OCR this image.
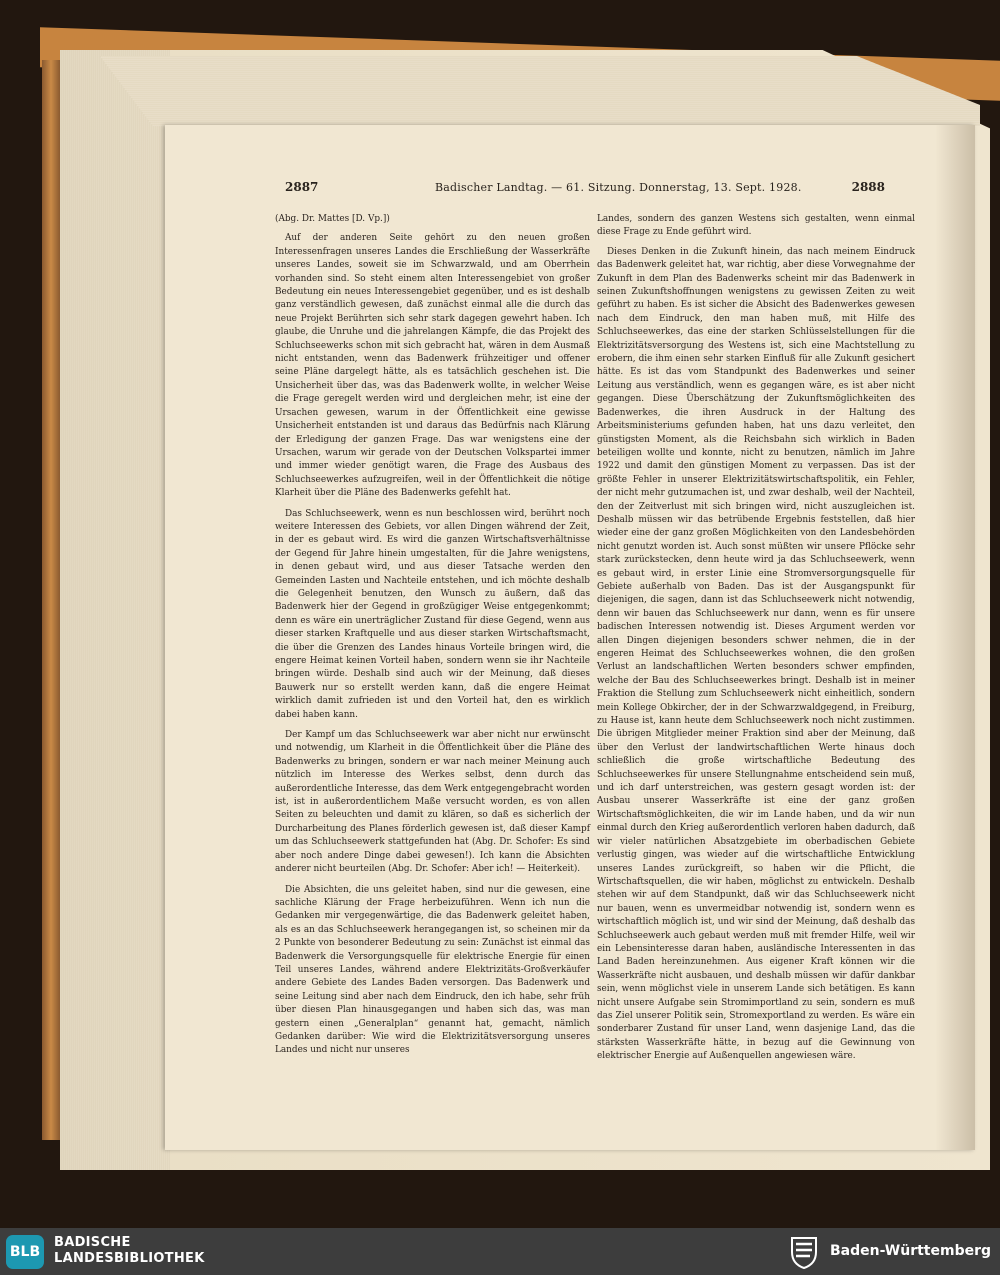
2887	Badischer Landtag. — 61. Sitzung. Donnerstag, 13. Sept. 1928.	2888

(Abg. Dr. Mattes [D. Vp.])

Auf der anderen Seite gehört zu den neuen großen Interessenfragen unseres Landes die Erschließung der Wasserkräfte unseres Landes, soweit sie im Schwarzwald, und am Oberrhein vorhanden sind. So steht einem alten Interessengebiet von großer Bedeutung ein neues Interessengebiet gegenüber, und es ist deshalb ganz verständlich gewesen, daß zunächst einmal alle die durch das neue Projekt Berührten sich sehr stark dagegen gewehrt haben. Ich glaube, die Unruhe und die jahrelangen Kämpfe, die das Projekt des Schluchseewerks schon mit sich gebracht hat, wären in dem Ausmaß nicht entstanden, wenn das Badenwerk frühzeitiger und offener seine Pläne dargelegt hätte, als es tatsächlich geschehen ist. Die Unsicherheit über das, was das Badenwerk wollte, in welcher Weise die Frage geregelt werden wird und dergleichen mehr, ist eine der Ursachen gewesen, warum in der Öffentlichkeit eine gewisse Unsicherheit entstanden ist und daraus das Bedürfnis nach Klärung der Erledigung der ganzen Frage. Das war wenigstens eine der Ursachen, warum wir gerade von der Deutschen Volkspartei immer und immer wieder genötigt waren, die Frage des Ausbaus des Schluchseewerkes aufzugreifen, weil in der Öffentlichkeit die nötige Klarheit über die Pläne des Badenwerks gefehlt hat.

Das Schluchseewerk, wenn es nun beschlossen wird, berührt noch weitere Interessen des Gebiets, vor allen Dingen während der Zeit, in der es gebaut wird. Es wird die ganzen Wirtschaftsverhältnisse der Gegend für Jahre hinein umgestalten, für die Jahre wenigstens, in denen gebaut wird, und aus dieser Tatsache werden den Gemeinden Lasten und Nachteile entstehen, und ich möchte deshalb die Gelegenheit benutzen, den Wunsch zu äußern, daß das Badenwerk hier der Gegend in großzügiger Weise entgegenkommt; denn es wäre ein unerträglicher Zustand für diese Gegend, wenn aus dieser starken Kraftquelle und aus dieser starken Wirtschaftsmacht, die über die Grenzen des Landes hinaus Vorteile bringen wird, die engere Heimat keinen Vorteil haben, sondern wenn sie ihr Nachteile bringen würde. Deshalb sind auch wir der Meinung, daß dieses Bauwerk nur so erstellt werden kann, daß die engere Heimat wirklich damit zufrieden ist und den Vorteil hat, den es wirklich dabei haben kann.

Der Kampf um das Schluchseewerk war aber nicht nur erwünscht und notwendig, um Klarheit in die Öffentlichkeit über die Pläne des Badenwerks zu bringen, sondern er war nach meiner Meinung auch nützlich im Interesse des Werkes selbst, denn durch das außerordentliche Interesse, das dem Werk entgegengebracht worden ist, ist in außerordentlichem Maße versucht worden, es von allen Seiten zu beleuchten und damit zu klären, so daß es sicherlich der Durcharbeitung des Planes förderlich gewesen ist, daß dieser Kampf um das Schluchseewerk stattgefunden hat (Abg. Dr. Schofer: Es sind aber noch andere Dinge dabei gewesen!). Ich kann die Absichten anderer nicht beurteilen (Abg. Dr. Schofer: Aber ich! — Heiterkeit).

Die Absichten, die uns geleitet haben, sind nur die gewesen, eine sachliche Klärung der Frage herbeizuführen. Wenn ich nun die Gedanken mir vergegenwärtige, die das Badenwerk geleitet haben, als es an das Schluchseewerk herangegangen ist, so scheinen mir da 2 Punkte von besonderer Bedeutung zu sein: Zunächst ist einmal das Badenwerk die Versorgungsquelle für elektrische Energie für einen Teil unseres Landes, während andere Elektrizitäts-Großverkäufer andere Gebiete des Landes Baden versorgen. Das Badenwerk und seine Leitung sind aber nach dem Eindruck, den ich habe, sehr früh über diesen Plan hinausgegangen und haben sich das, was man gestern einen „Generalplan“ genannt hat, gemacht, nämlich Gedanken darüber: Wie wird die Elektrizitätsversorgung unseres Landes und nicht nur unseres

Landes, sondern des ganzen Westens sich gestalten, wenn einmal diese Frage zu Ende geführt wird.

Dieses Denken in die Zukunft hinein, das nach meinem Eindruck das Badenwerk geleitet hat, war richtig, aber diese Vorwegnahme der Zukunft in dem Plan des Badenwerks scheint mir das Badenwerk in seinen Zukunftshoffnungen wenigstens zu gewissen Zeiten zu weit geführt zu haben. Es ist sicher die Absicht des Badenwerkes gewesen nach dem Eindruck, den man haben muß, mit Hilfe des Schluchseewerkes, das eine der starken Schlüsselstellungen für die Elektrizitätsversorgung des Westens ist, sich eine Machtstellung zu erobern, die ihm einen sehr starken Einfluß für alle Zukunft gesichert hätte. Es ist das vom Standpunkt des Badenwerkes und seiner Leitung aus verständlich, wenn es gegangen wäre, es ist aber nicht gegangen. Diese Überschätzung der Zukunftsmöglichkeiten des Badenwerkes, die ihren Ausdruck in der Haltung des Arbeitsministeriums gefunden haben, hat uns dazu verleitet, den günstigsten Moment, als die Reichsbahn sich wirklich in Baden beteiligen wollte und konnte, nicht zu benutzen, nämlich im Jahre 1922 und damit den günstigen Moment zu verpassen. Das ist der größte Fehler in unserer Elektrizitätswirtschaftspolitik, ein Fehler, der nicht mehr gutzumachen ist, und zwar deshalb, weil der Nachteil, den der Zeitverlust mit sich bringen wird, nicht auszugleichen ist. Deshalb müssen wir das betrübende Ergebnis feststellen, daß hier wieder eine der ganz großen Möglichkeiten von den Landesbehörden nicht genutzt worden ist. Auch sonst müßten wir unsere Pflöcke sehr stark zurückstecken, denn heute wird ja das Schluchseewerk, wenn es gebaut wird, in erster Linie eine Stromversorgungsquelle für Gebiete außerhalb von Baden. Das ist der Ausgangspunkt für diejenigen, die sagen, dann ist das Schluchseewerk nicht notwendig, denn wir bauen das Schluchseewerk nur dann, wenn es für unsere badischen Interessen notwendig ist. Dieses Argument werden vor allen Dingen diejenigen besonders schwer nehmen, die in der engeren Heimat des Schluchseewerkes wohnen, die den großen Verlust an landschaftlichen Werten besonders schwer empfinden, welche der Bau des Schluchseewerkes bringt. Deshalb ist in meiner Fraktion die Stellung zum Schluchseewerk nicht einheitlich, sondern mein Kollege Obkircher, der in der Schwarzwaldgegend, in Freiburg, zu Hause ist, kann heute dem Schluchseewerk noch nicht zustimmen. Die übrigen Mitglieder meiner Fraktion sind aber der Meinung, daß über den Verlust der landwirtschaftlichen Werte hinaus doch schließlich die große wirtschaftliche Bedeutung des Schluchseewerkes für unsere Stellungnahme entscheidend sein muß, und ich darf unterstreichen, was gestern gesagt worden ist: der Ausbau unserer Wasserkräfte ist eine der ganz großen Wirtschaftsmöglichkeiten, die wir im Lande haben, und da wir nun einmal durch den Krieg außerordentlich verloren haben dadurch, daß wir vieler natürlichen Absatzgebiete im oberbadischen Gebiete verlustig gingen, was wieder auf die wirtschaftliche Entwicklung unseres Landes zurückgreift, so haben wir die Pflicht, die Wirtschaftsquellen, die wir haben, möglichst zu entwickeln. Deshalb stehen wir auf dem Standpunkt, daß wir das Schluchseewerk nicht nur bauen, wenn es unvermeidbar notwendig ist, sondern wenn es wirtschaftlich möglich ist, und wir sind der Meinung, daß deshalb das Schluchseewerk auch gebaut werden muß mit fremder Hilfe, weil wir ein Lebensinteresse daran haben, ausländische Interessenten in das Land Baden hereinzunehmen. Aus eigener Kraft können wir die Wasserkräfte nicht ausbauen, und deshalb müssen wir dafür dankbar sein, wenn möglichst viele in unserem Lande sich betätigen. Es kann nicht unsere Aufgabe sein Stromimportland zu sein, sondern es muß das Ziel unserer Politik sein, Stromexportland zu werden. Es wäre ein sonderbarer Zustand für unser Land, wenn dasjenige Land, das die stärksten Wasserkräfte hätte, in bezug auf die Gewinnung von elektrischer Energie auf Außenquellen angewiesen wäre.

BLB
BADISCHE
LANDESBIBLIOTHEK	Baden-Württemberg
